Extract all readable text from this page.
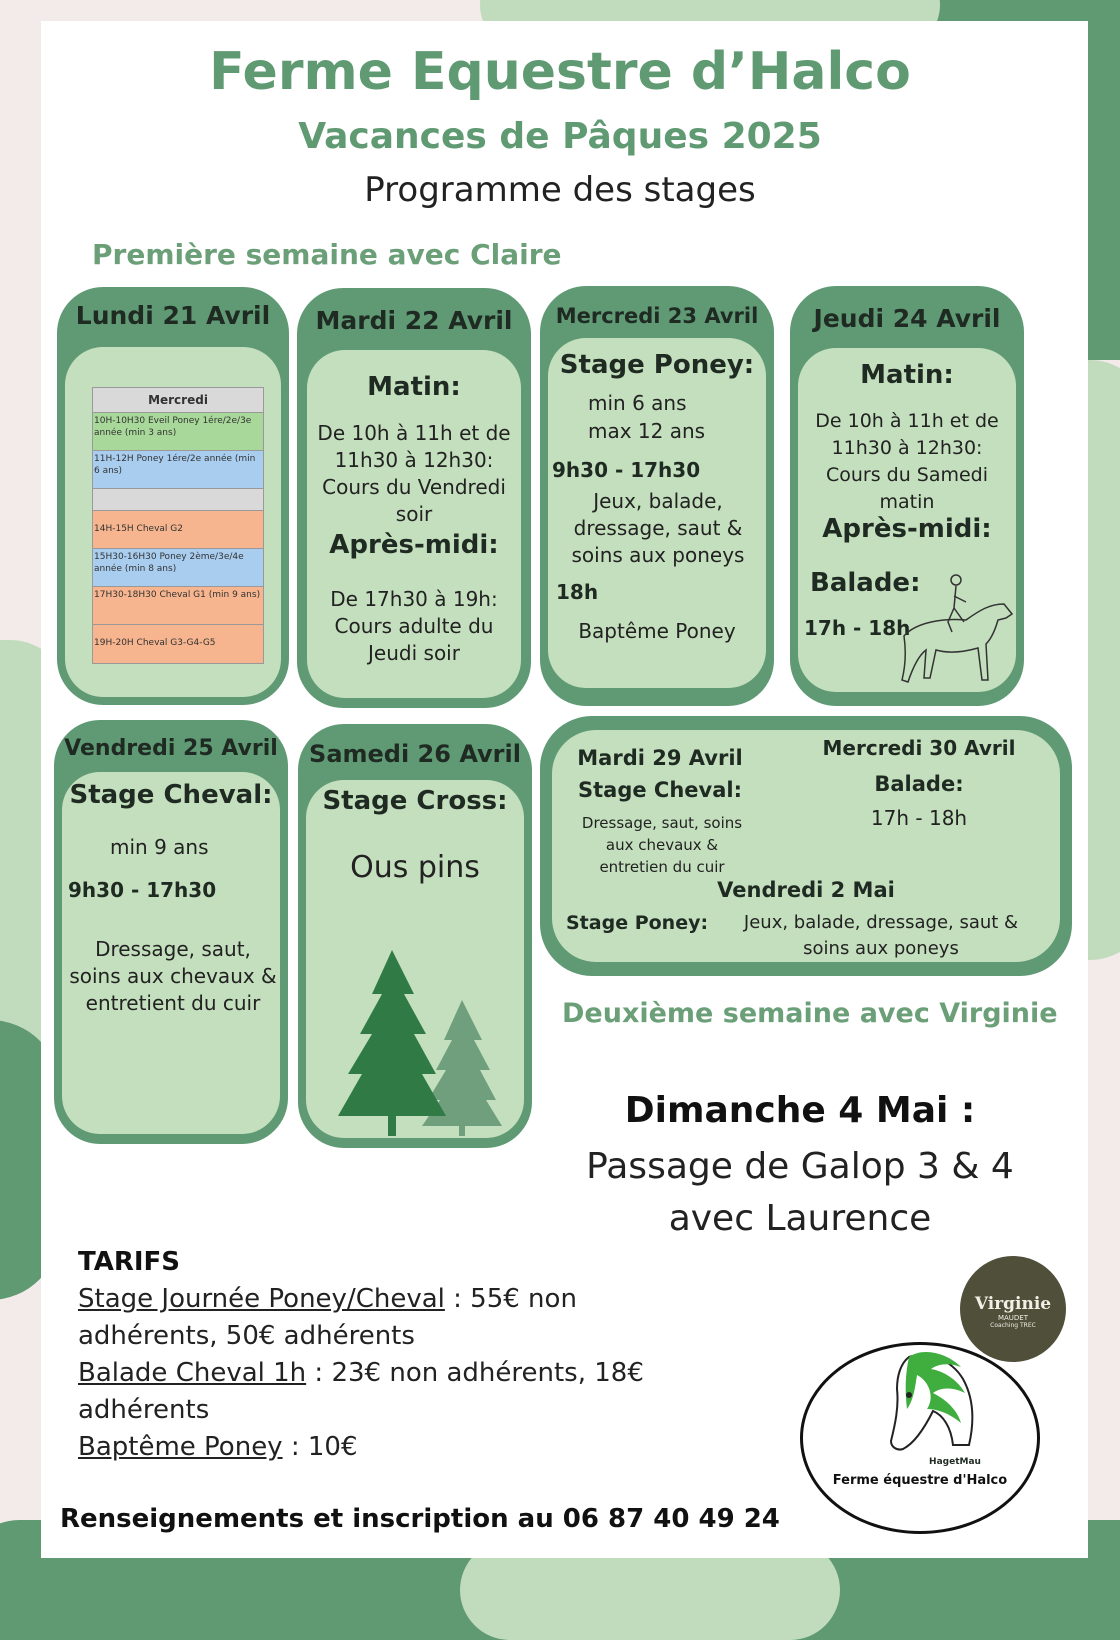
Ferme Equestre d’Halco
Vacances de Pâques 2025
Programme des stages
Première semaine avec Claire
Lundi 21 Avril
Mercredi
10H-10H30 Eveil Poney 1ére/2e/3e année (min 3 ans)
11H-12H Poney 1ére/2e année (min 6 ans)
14H-15H Cheval G2
15H30-16H30 Poney 2ème/3e/4e année (min 8 ans)
17H30-18H30 Cheval G1 (min 9 ans)
19H-20H Cheval G3-G4-G5
Mardi 22 Avril
Matin:
De 10h à 11h et de 11h30 à 12h30: Cours du Vendredi soir
Après-midi:
De 17h30 à 19h: Cours adulte du Jeudi soir
Mercredi 23 Avril
Stage Poney:
min 6 ans
max 12 ans
9h30 - 17h30
Jeux, balade, dressage, saut & soins aux poneys
18h
Baptême Poney
Jeudi 24 Avril
Matin:
De 10h à 11h et de 11h30 à 12h30: Cours du Samedi matin
Après-midi:
Balade:
17h - 18h
Vendredi 25 Avril
Stage Cheval:
min 9 ans
9h30 - 17h30
Dressage, saut, soins aux chevaux & entretient du cuir
Samedi 26 Avril
Stage Cross:
Ous pins
Mardi 29 Avril
Stage Cheval:
Dressage, saut, soins aux chevaux & entretien du cuir
Mercredi 30 Avril
Balade:
17h - 18h
Vendredi 2 Mai
Stage Poney:	Jeux, balade, dressage, saut & soins aux poneys
Deuxième semaine avec Virginie
Dimanche 4 Mai :
Passage de Galop 3 & 4
avec Laurence
TARIFS
Stage Journée Poney/Cheval : 55€ non adhérents, 50€ adhérents
Balade Cheval 1h : 23€ non adhérents, 18€ adhérents
Baptême Poney : 10€
Renseignements et inscription au 06 87 40 49 24
Virginie
MAUDET
Coaching TREC
HagetMau
Ferme équestre d'Halco
